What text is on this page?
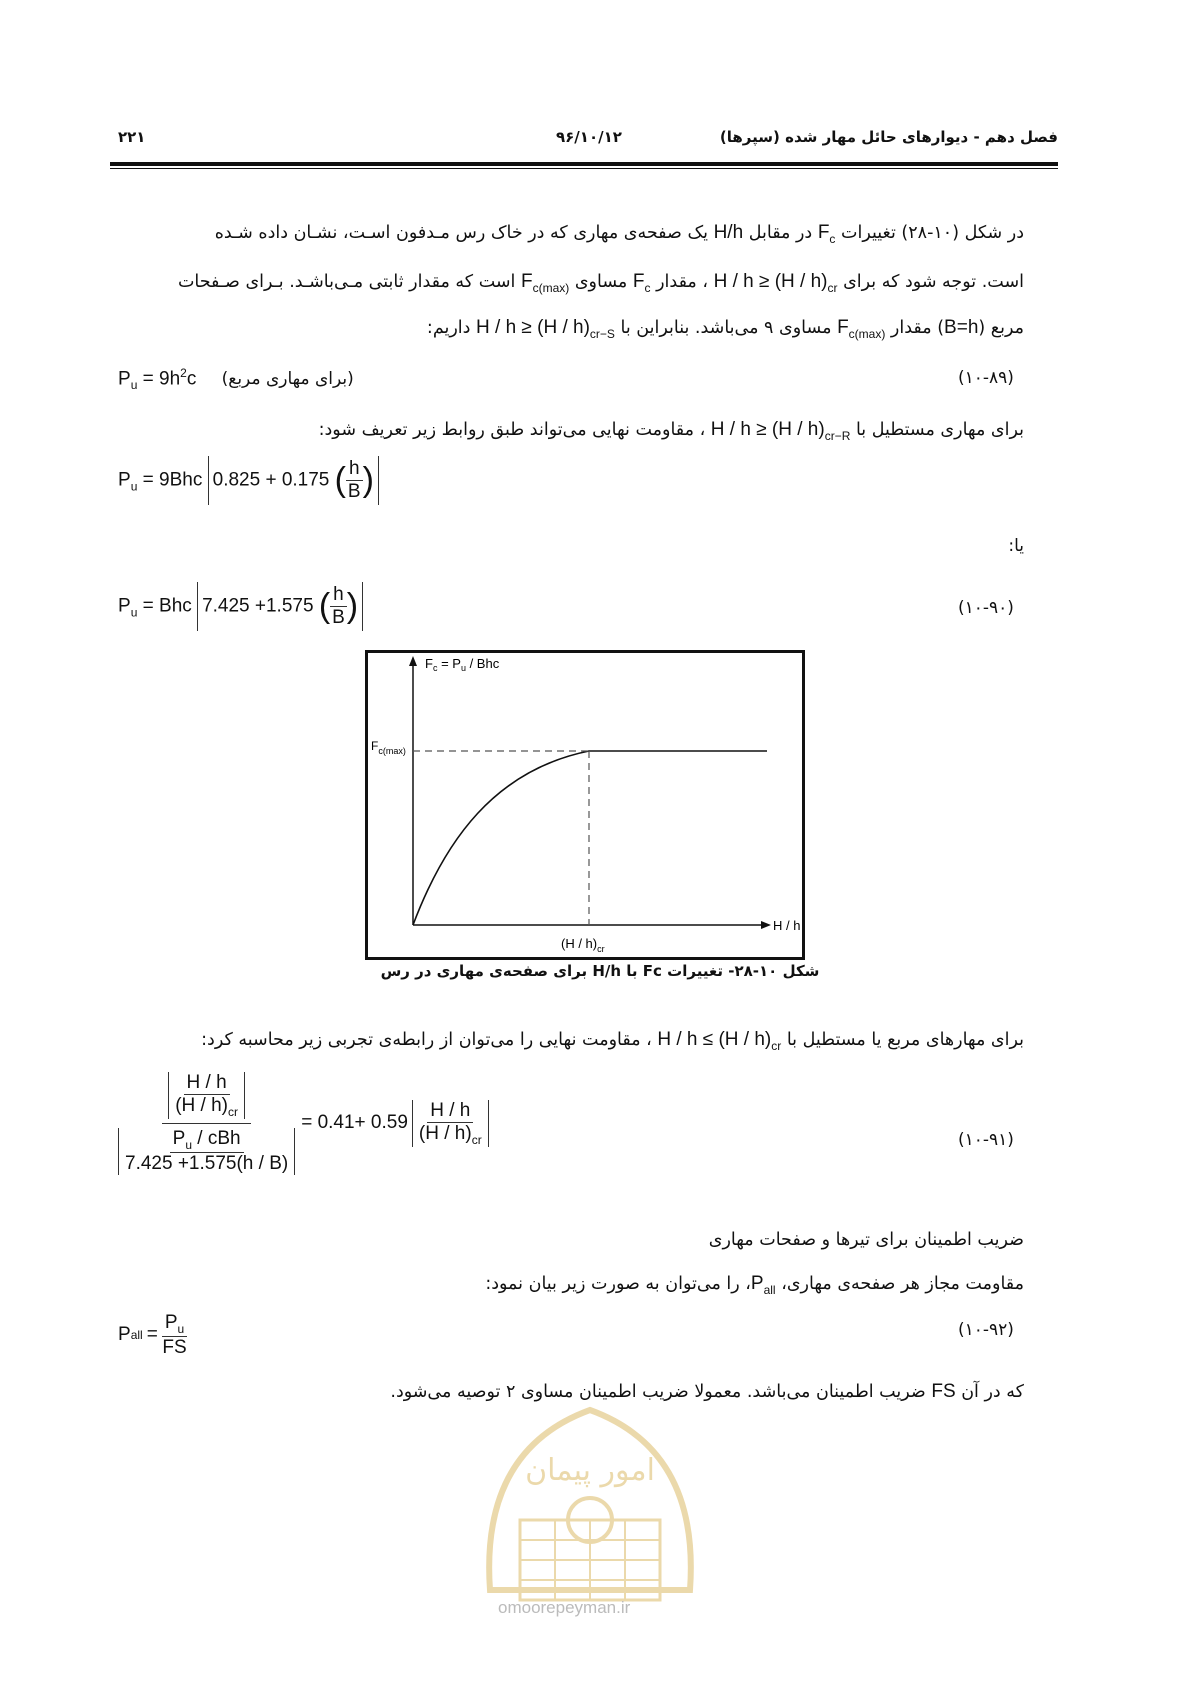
فصل دهم - دیوارهای حائل مهار شده (سپرها)
۹۶/۱۰/۱۲
۲۲۱
در شکل (۱۰-۲۸) تغییرات $F_c$ در مقابل H/h یک صفحه‌ی مهاری که در خاک رس مـدفون اسـت، نشـان داده شـده
است. توجه شود که برای $H / h \ge (H / h)_{cr}$ ، مقدار $F_c$ مساوی $F_{c(max)}$ است که مقدار ثابتی مـی‌باشـد. بـرای صـفحات
مربع (B=h) مقدار $F_{c(max)}$ مساوی ۹ می‌باشد. بنابراین با $H / h \ge (H / h)_{cr-S}$ داریم:
$P_u = 9h^2c$ (برای مهاری مربع)	(۱۰-۸۹)
برای مهاری مستطیل با $H / h \ge (H / h)_{cr-R}$ ، مقاومت نهایی می‌تواند طبق روابط زیر تعریف شود:
$P_u = 9Bhc$ 0.825 + 0.175 ( $\frac{h}{B}$ )
یا:
$P_u$ = Bhc 7.425 +1.575 ( $\frac{h}{B}$ )	(۱۰-۹۰)
$F_c = P_u$ / Bhc
$F_{c(max)}$
H / h
$(H / h)_{cr}$
شکل ۱۰-۲۸- تغییرات Fc با H/h برای صفحه‌ی مهاری در رس
برای مهارهای مربع یا مستطیل با $H / h \le (H / h)_{cr}$ ، مقاومت نهایی را می‌توان از رابطه‌ی تجربی زیر محاسبه کرد:
$\frac{\frac{H / h}{(H / h)_{cr}}}{\frac{P_u / cBh}{7.425 +1.575(h / B)}} = 0.41+ 0.59 \frac{H / h}{(H / h)_{cr}}$	(۱۰-۹۱)
ضریب اطمینان برای تیرها و صفحات مهاری
مقاومت مجاز هر صفحه‌ی مهاری، $P_{all}،$ را می‌توان به صورت زیر بیان نمود:
P all = $\frac{P_u}{FS}$	(۱۰-۹۲)
که در آن FS ضریب اطمینان می‌باشد. معمولا ضریب اطمینان مساوی ۲ توصیه می‌شود.
امور پیمان
omoorepeyman.ir
